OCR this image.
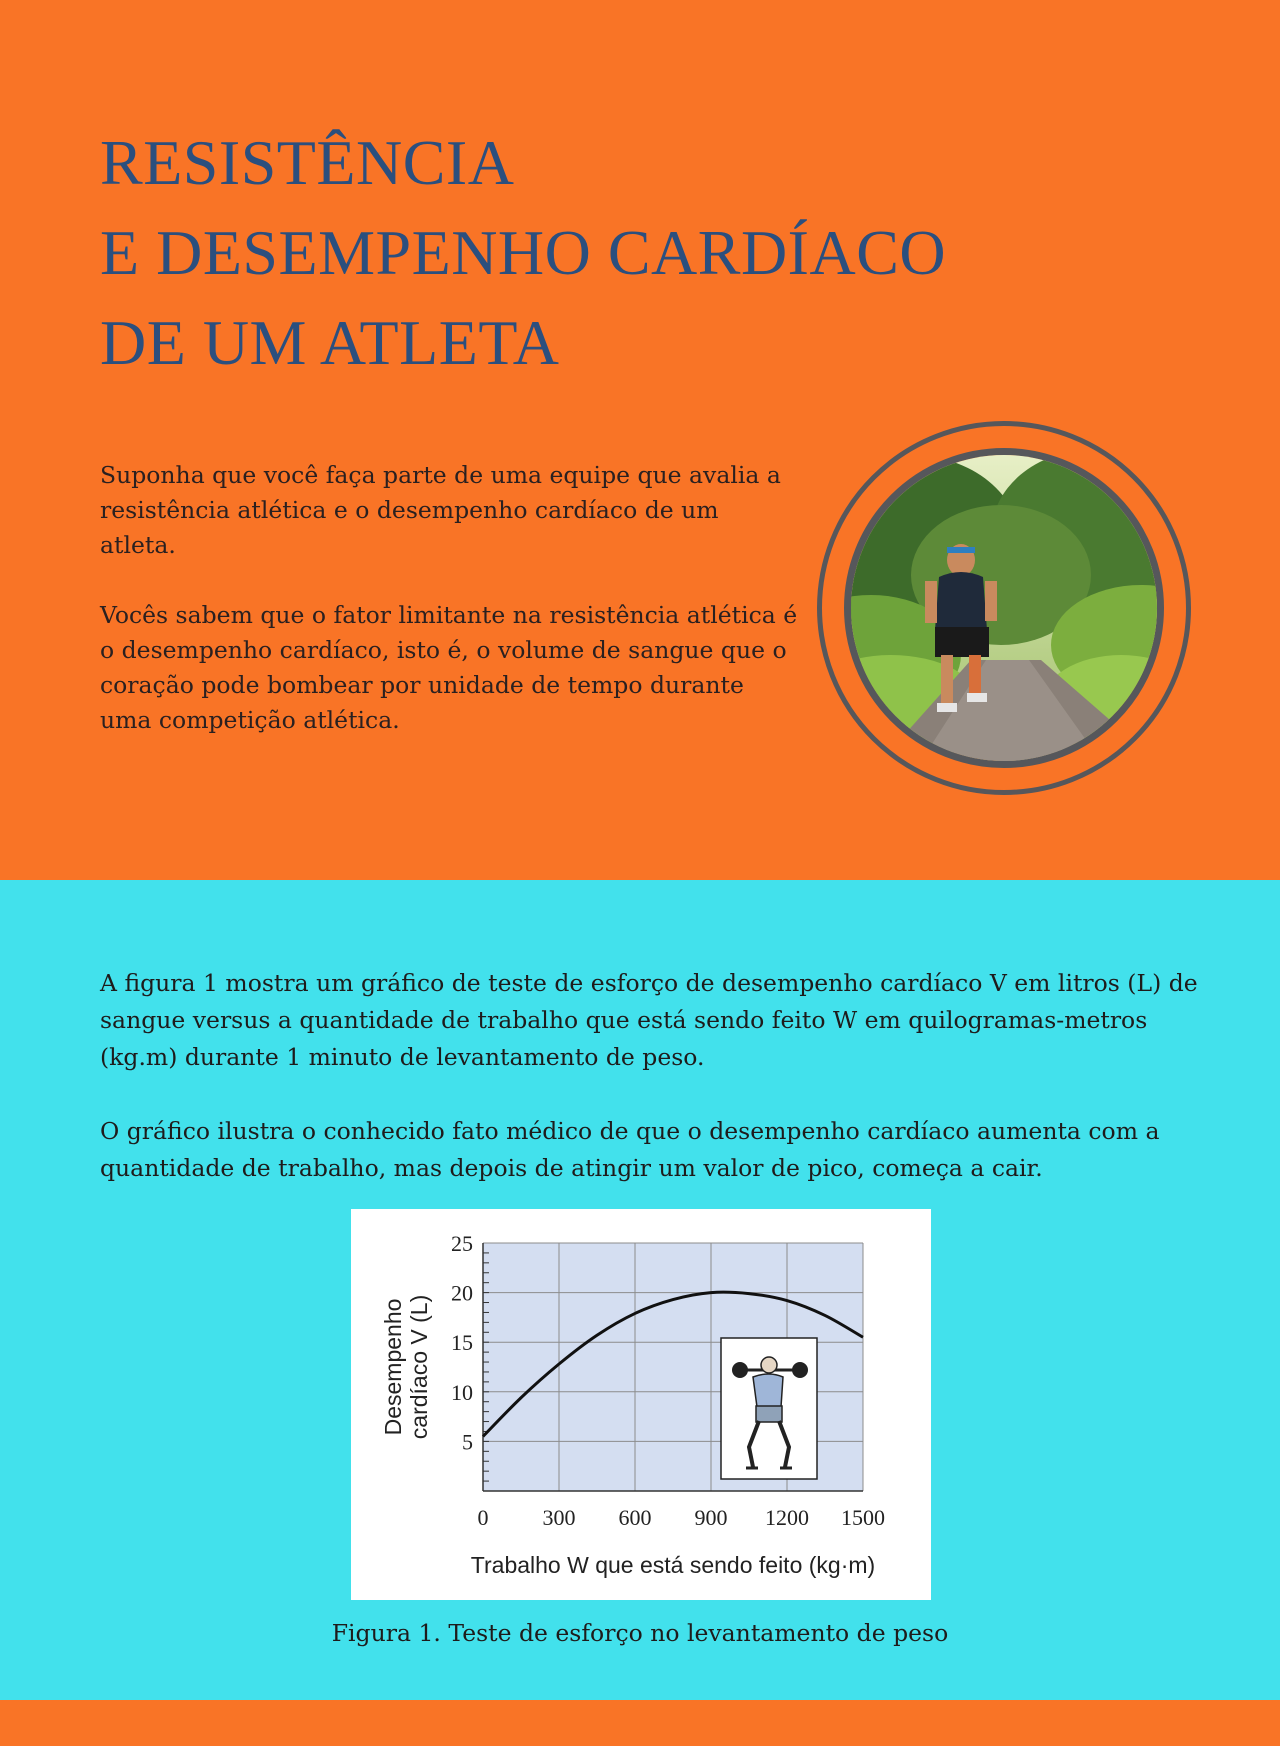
RESISTÊNCIA
E DESEMPENHO CARDÍACO
DE UM ATLETA

Suponha que você faça parte de uma equipe que avalia a resistência atlética e o desempenho cardíaco de um atleta.

Vocês sabem que o fator limitante na resistência atlética é o desempenho cardíaco, isto é, o volume de sangue que o coração pode bombear por unidade de tempo durante uma competição atlética.

A figura 1 mostra um gráfico de teste de esforço de desempenho cardíaco V em litros (L) de sangue versus a quantidade de trabalho que está sendo feito W em quilogramas-metros (kg.m) durante 1 minuto de levantamento de peso.

O gráfico ilustra o conhecido fato médico de que o desempenho cardíaco aumenta com a quantidade de trabalho, mas depois de atingir um valor de pico, começa a cair.

5
10
15
20
25
0 300 600 900 1200 1500
Trabalho W que está sendo feito (kg·m)
Desempenho cardíaco V (L)
Figura 1. Teste de esforço no levantamento de peso
